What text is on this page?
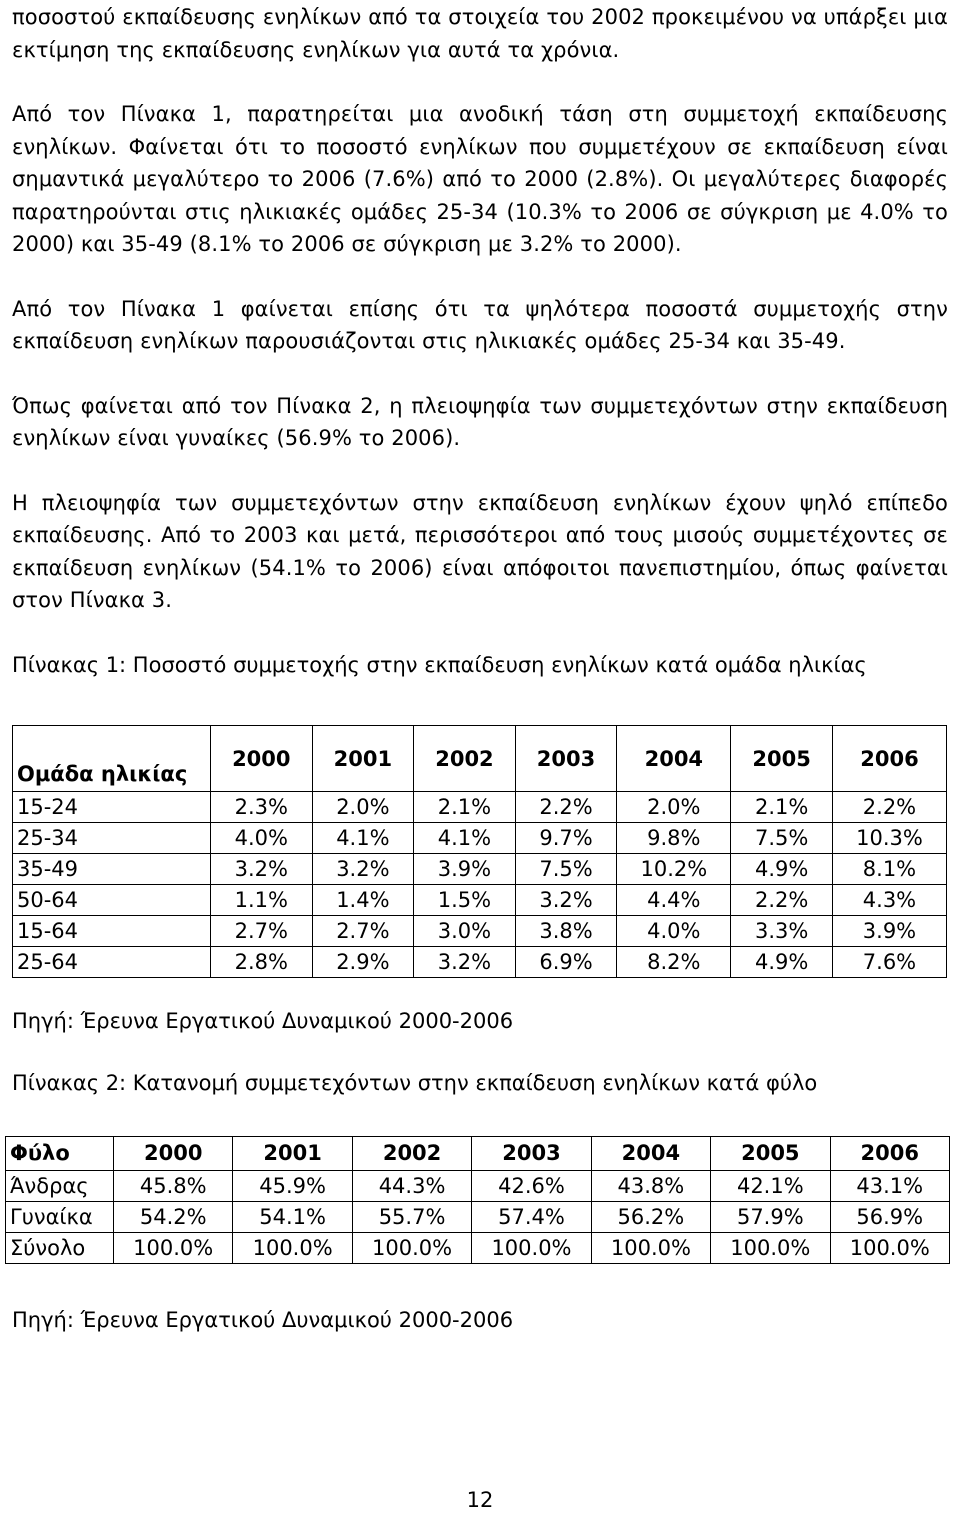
ποσοστού εκπαίδευσης ενηλίκων από τα στοιχεία του 2002 προκειμένου να υπάρξει μια εκτίμηση της εκπαίδευσης ενηλίκων για αυτά τα χρόνια.

Από τον Πίνακα 1, παρατηρείται μια ανοδική τάση στη συμμετοχή εκπαίδευσης ενηλίκων. Φαίνεται ότι το ποσοστό ενηλίκων που συμμετέχουν σε εκπαίδευση είναι σημαντικά μεγαλύτερο το 2006 (7.6%) από το 2000 (2.8%). Οι μεγαλύτερες διαφορές παρατηρούνται στις ηλικιακές ομάδες 25-34 (10.3% το 2006 σε σύγκριση με 4.0% το 2000) και 35-49 (8.1% το 2006 σε σύγκριση με 3.2% το 2000).

Από τον Πίνακα 1 φαίνεται επίσης ότι τα ψηλότερα ποσοστά συμμετοχής στην εκπαίδευση ενηλίκων παρουσιάζονται στις ηλικιακές ομάδες 25-34 και 35-49.

Όπως φαίνεται από τον Πίνακα 2, η πλειοψηφία των συμμετεχόντων στην εκπαίδευση ενηλίκων είναι γυναίκες (56.9% το 2006).

Η πλειοψηφία των συμμετεχόντων στην εκπαίδευση ενηλίκων έχουν ψηλό επίπεδο εκπαίδευσης. Από το 2003 και μετά, περισσότεροι από τους μισούς συμμετέχοντες σε εκπαίδευση ενηλίκων (54.1% το 2006) είναι απόφοιτοι πανεπιστημίου, όπως φαίνεται στον Πίνακα 3.

Πίνακας 1: Ποσοστό συμμετοχής στην εκπαίδευση ενηλίκων κατά ομάδα ηλικίας

Ομάδα ηλικίας	2000	2001	2002	2003	2004	2005	2006
15-24	2.3%	2.0%	2.1%	2.2%	2.0%	2.1%	2.2%
25-34	4.0%	4.1%	4.1%	9.7%	9.8%	7.5%	10.3%
35-49	3.2%	3.2%	3.9%	7.5%	10.2%	4.9%	8.1%
50-64	1.1%	1.4%	1.5%	3.2%	4.4%	2.2%	4.3%
15-64	2.7%	2.7%	3.0%	3.8%	4.0%	3.3%	3.9%
25-64	2.8%	2.9%	3.2%	6.9%	8.2%	4.9%	7.6%

Πηγή: Έρευνα Εργατικού Δυναμικού 2000-2006

Πίνακας 2: Κατανομή συμμετεχόντων στην εκπαίδευση ενηλίκων κατά φύλο

Φύλο	2000	2001	2002	2003	2004	2005	2006
Άνδρας	45.8%	45.9%	44.3%	42.6%	43.8%	42.1%	43.1%
Γυναίκα	54.2%	54.1%	55.7%	57.4%	56.2%	57.9%	56.9%
Σύνολο	100.0%	100.0%	100.0%	100.0%	100.0%	100.0%	100.0%

Πηγή: Έρευνα Εργατικού Δυναμικού 2000-2006

12
